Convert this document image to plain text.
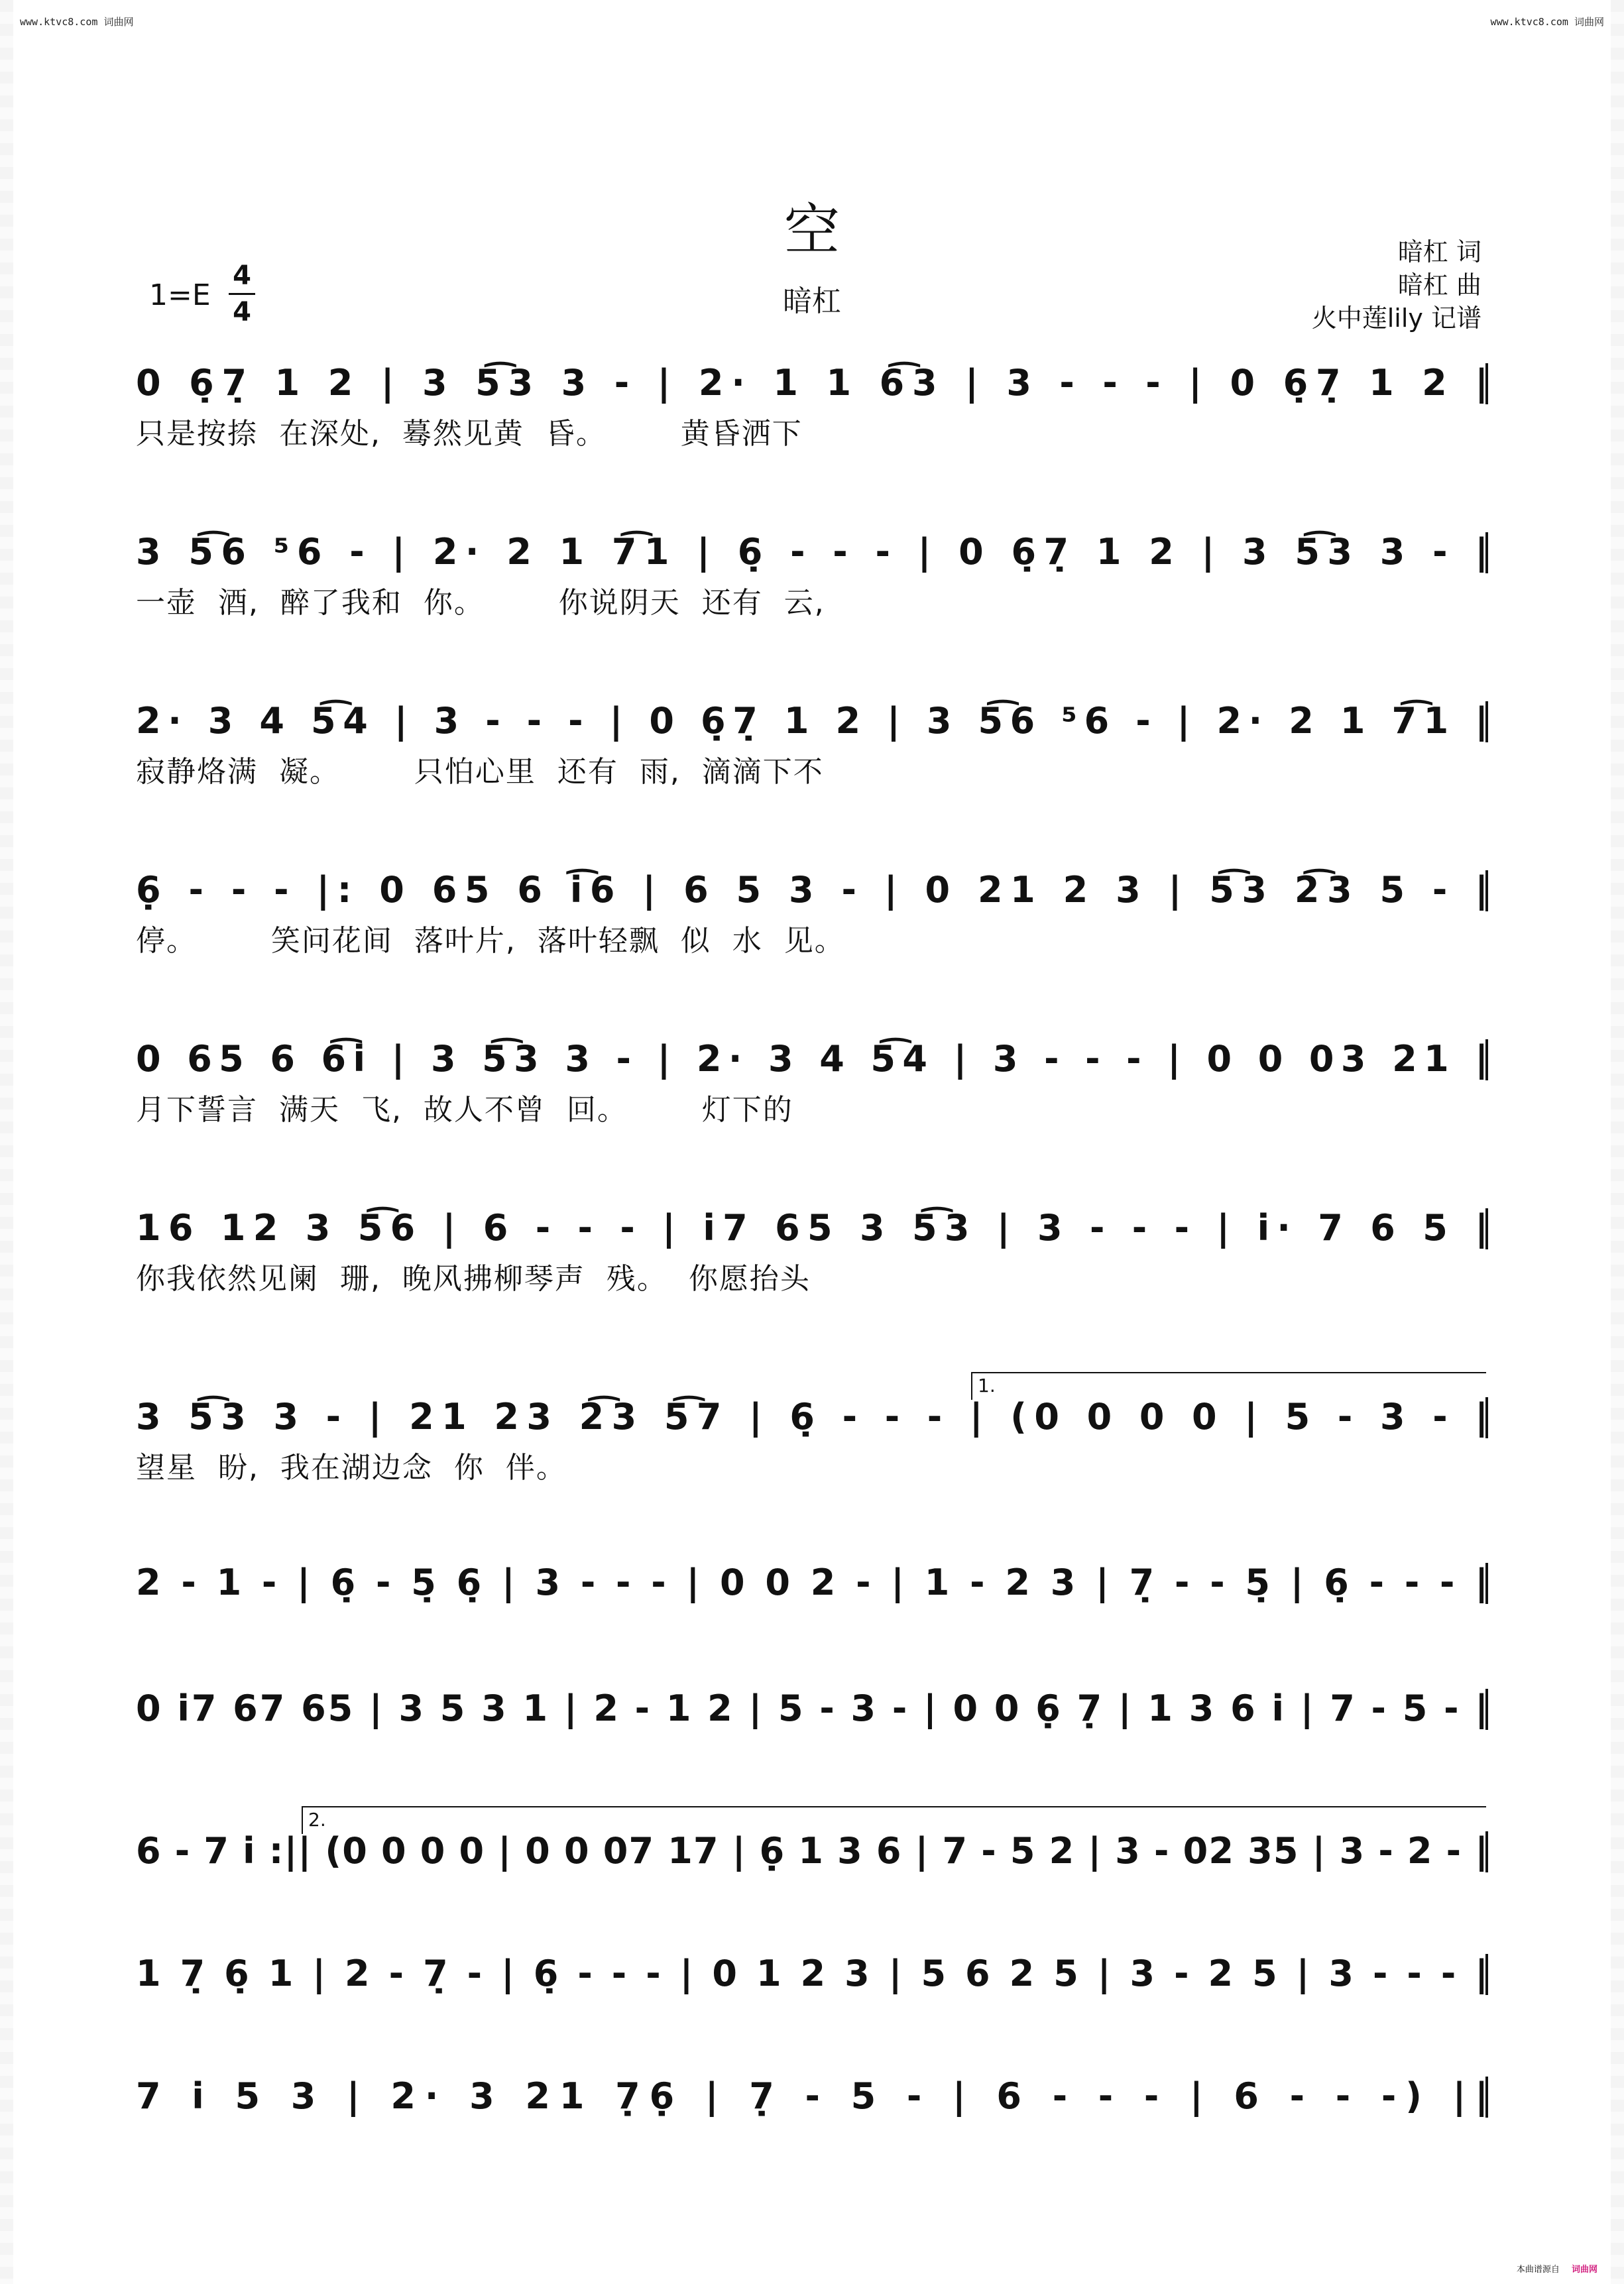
www.ktvc8.com 词曲网	www.ktvc8.com 词曲网
空
暗杠
1=E
4
4
暗杠 词
暗杠 曲
火中莲lily 记谱
0 6̣7̣ 1 2 | 3 5͡3 3 - | 2· 1 1 6͡3 | 3 - - - | 0 6̣7̣ 1 2 |
只是按捺  在深处,  蓦然见黄  昏。       黄昏洒下
3 5͡6 ⁵6 - | 2· 2 1 7͡1 | 6̣ - - - | 0 6̣7̣ 1 2 | 3 5͡3 3 - |
一壶  酒,  醉了我和  你。       你说阴天  还有  云,
2· 3 4 5͡4 | 3 - - - | 0 6̣7̣ 1 2 | 3 5͡6 ⁵6 - | 2· 2 1 7͡1 |
寂静烙满  凝。       只怕心里  还有  雨,  滴滴下不
6̣ - - - |: 0 65 6 i͡6 | 6 5 3 - | 0 21 2 3 | 5͡3 2͡3 5 - |
停。       笑问花间  落叶片,  落叶轻飘  似  水  见。
0 65 6 6͡i | 3 5͡3 3 - | 2· 3 4 5͡4 | 3 - - - | 0 0 03 21 |
月下誓言  满天  飞,  故人不曾  回。       灯下的
16 12 3 5͡6 | 6 - - - | i7 65 3 5͡3 | 3 - - - | i· 7 6 5 |
你我依然见阑  珊,  晚风拂柳琴声  残。  你愿抬头
3 5͡3 3 - | 21 23 2͡3 5͡7 | 6̣ - - - | (0 0 0 0 | 5 - 3 - |
望星  盼,  我在湖边念  你  伴。
2 - 1 - | 6̣ - 5̣ 6̣ | 3 - - - | 0 0 2 - | 1 - 2 3 | 7̣ - - 5̣ | 6̣ - - - |
0 i7 67 65 | 3 5 3 1 | 2 - 1 2 | 5 - 3 - | 0 0 6̣ 7̣ | 1 3 6 i | 7 - 5 - |
6 - 7 i :|| (0 0 0 0 | 0 0 07 17 | 6̣ 1 3 6 | 7 - 5 2 | 3 - 02 35 | 3 - 2 - |
1 7̣ 6̣ 1 | 2 - 7̣ - | 6̣ - - - | 0 1 2 3 | 5 6 2 5 | 3 - 2 5 | 3 - - - |
7 i 5 3 | 2· 3 21 7̣6̣ | 7̣ - 5 - | 6 - - - | 6 - - -) ||
本曲谱源自 词曲网
1.
2.
